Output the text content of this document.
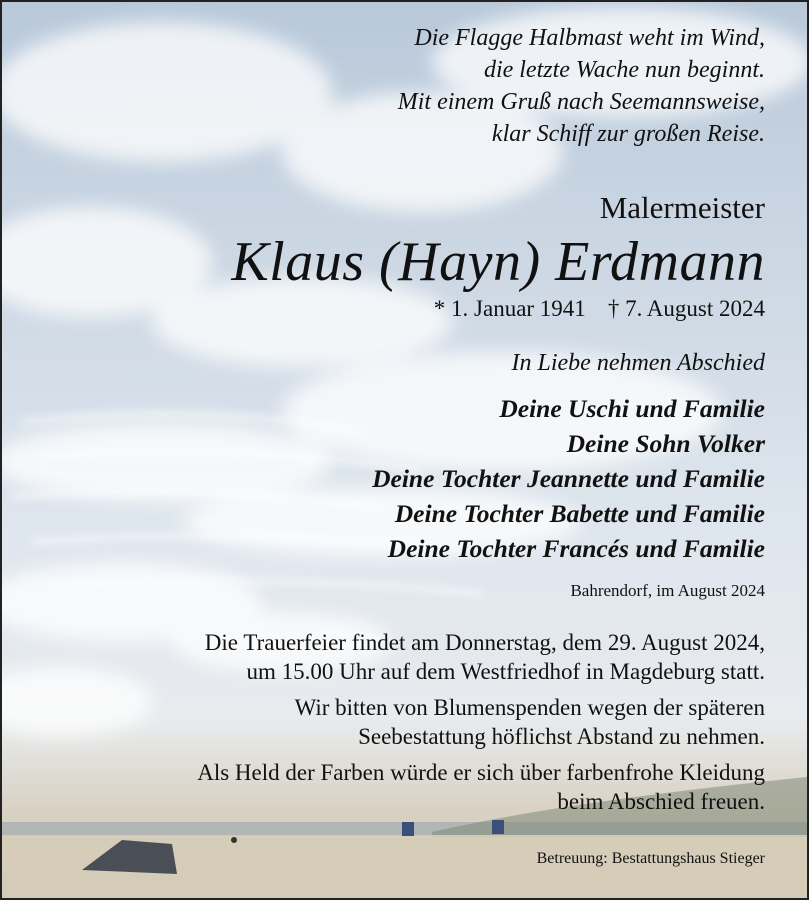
Die Flagge Halbmast weht im Wind,
die letzte Wache nun beginnt.
Mit einem Gruß nach Seemannsweise,
klar Schiff zur großen Reise.
Malermeister
Klaus (Hayn) Erdmann
* 1. Januar 1941 † 7. August 2024
In Liebe nehmen Abschied
Deine Uschi und Familie
Deine Sohn Volker
Deine Tochter Jeannette und Familie
Deine Tochter Babette und Familie
Deine Tochter Francés und Familie
Bahrendorf, im August 2024
Die Trauerfeier findet am Donnerstag, dem 29. August 2024,
um 15.00 Uhr auf dem Westfriedhof in Magdeburg statt.
Wir bitten von Blumenspenden wegen der späteren
Seebestattung höflichst Abstand zu nehmen.
Als Held der Farben würde er sich über farbenfrohe Kleidung
beim Abschied freuen.
Betreuung: Bestattungshaus Stieger
